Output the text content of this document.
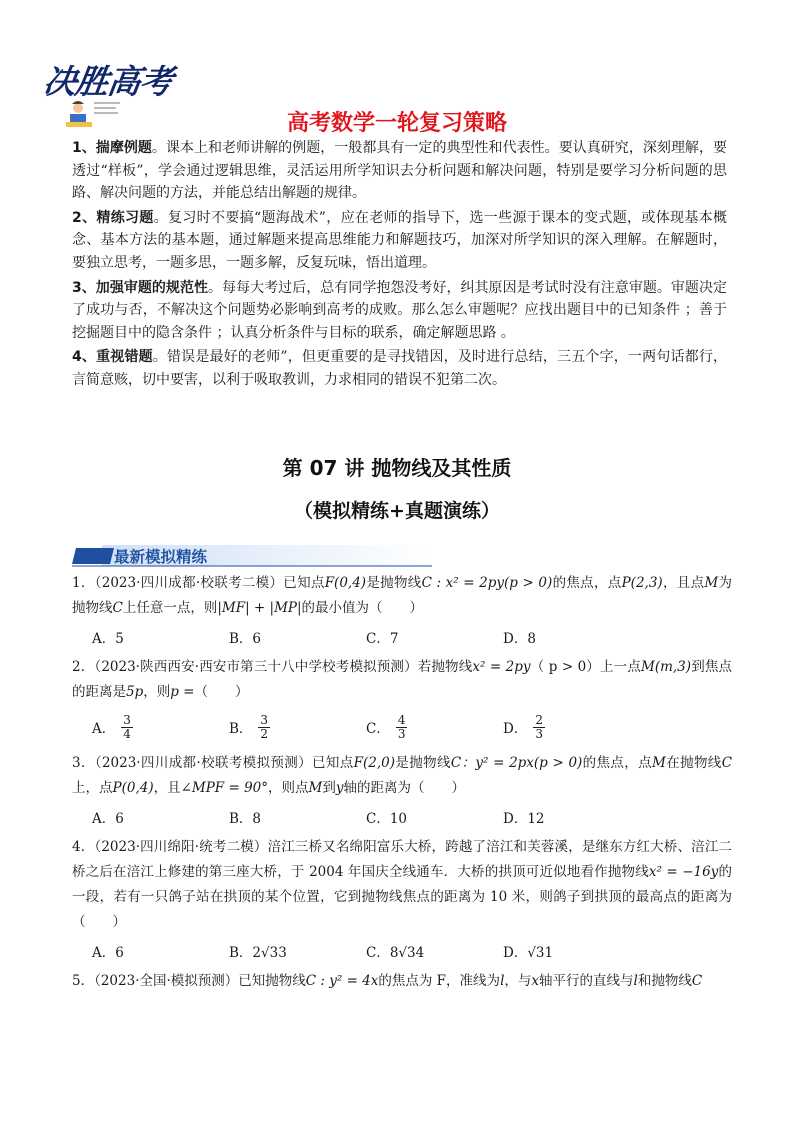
决胜高考
高考数学一轮复习策略

1、揣摩例题。课本上和老师讲解的例题，一般都具有一定的典型性和代表性。要认真研究，深刻理解，要透过“样板”，学会通过逻辑思维，灵活运用所学知识去分析问题和解决问题，特别是要学习分析问题的思路、解决问题的方法，并能总结出解题的规律。

2、精练习题。复习时不要搞“题海战术”，应在老师的指导下，选一些源于课本的变式题，或体现基本概念、基本方法的基本题，通过解题来提高思维能力和解题技巧，加深对所学知识的深入理解。在解题时，要独立思考，一题多思，一题多解，反复玩味，悟出道理。

3、加强审题的规范性。每每大考过后，总有同学抱怨没考好，纠其原因是考试时没有注意审题。审题决定了成功与否，不解决这个问题势必影响到高考的成败。那么怎么审题呢？应找出题目中的已知条件 ；善于挖掘题目中的隐含条件 ；认真分析条件与目标的联系，确定解题思路 。

4、重视错题。错误是最好的老师”，但更重要的是寻找错因，及时进行总结，三五个字，一两句话都行，言简意赅，切中要害，以利于吸取教训，力求相同的错误不犯第二次。

第 07 讲 抛物线及其性质
（模拟精练+真题演练）
最新模拟精练
1．（2023·四川成都·校联考二模）已知点F(0,4)是抛物线C : x² = 2py(p > 0)的焦点，点P(2,3)，且点M为抛物线C上任意一点，则|MF| + |MP|的最小值为（　　）
A．5	B．6	C．7	D．8
2．（2023·陕西西安·西安市第三十八中学校考模拟预测）若抛物线x² = 2py（ p > 0）上一点M(m,3)到焦点的距离是5p，则p =（　　）
A． $\frac{3}{4}$	B． $\frac{3}{2}$	C． $\frac{4}{3}$	D． $\frac{2}{3}$
3．（2023·四川成都·校联考模拟预测）已知点F(2,0)是抛物线C：y² = 2px(p > 0)的焦点，点M在抛物线C上，点P(0,4)，且∠MPF = 90°，则点M到y轴的距离为（　　）
A．6	B．8	C．10	D．12
4．（2023·四川绵阳·统考二模）涪江三桥又名绵阳富乐大桥，跨越了涪江和芙蓉溪，是继东方红大桥、涪江二桥之后在涪江上修建的第三座大桥，于 2004 年国庆全线通车．大桥的拱顶可近似地看作抛物线x² = −16y的一段，若有一只鸽子站在拱顶的某个位置，它到抛物线焦点的距离为 10 米，则鸽子到拱顶的最高点的距离为（　　）
A．6	B．2√33	C．8√34	D．√31
5．（2023·全国·模拟预测）已知抛物线C : y² = 4x的焦点为 F，准线为l，与x轴平行的直线与l和抛物线C
